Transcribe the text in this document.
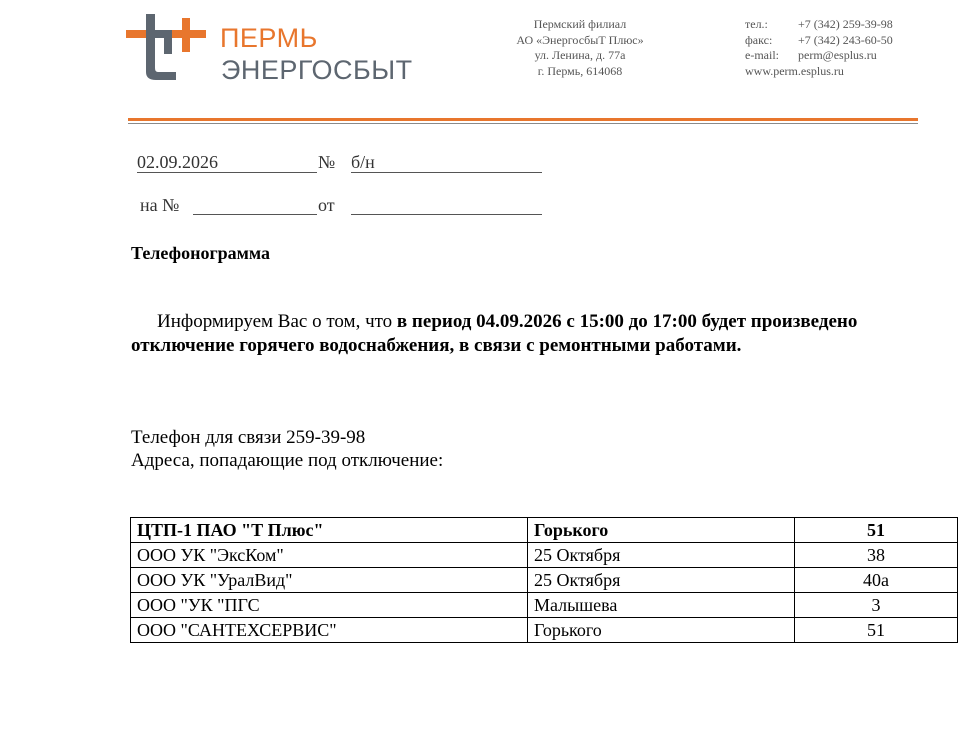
ПЕРМЬ
ЭНЕРГОСБЫТ
Пермский филиал
АО «ЭнергосбыТ Плюс»
ул. Ленина, д. 77а
г. Пермь, 614068
тел.:	+7 (342) 259-39-98
факс: +7 (342) 243-60-50
e-mail: perm@esplus.ru
www.perm.esplus.ru
02.09.2026	№ б/н
на №	от
Телефонограмма
Информируем Вас о том, что в период 04.09.2026 с 15:00 до 17:00 будет произведено отключение горячего водоснабжения, в связи с ремонтными работами.
Телефон для связи 259-39-98
Адреса, попадающие под отключение:
ЦТП-1 ПАО "Т Плюс"	Горького	51
ООО УК "ЭксКом"	25 Октября	38
ООО УК "УралВид"	25 Октября	40а
ООО "УК "ПГС	Малышева	3
ООО "САНТЕХСЕРВИС"	Горького	51
